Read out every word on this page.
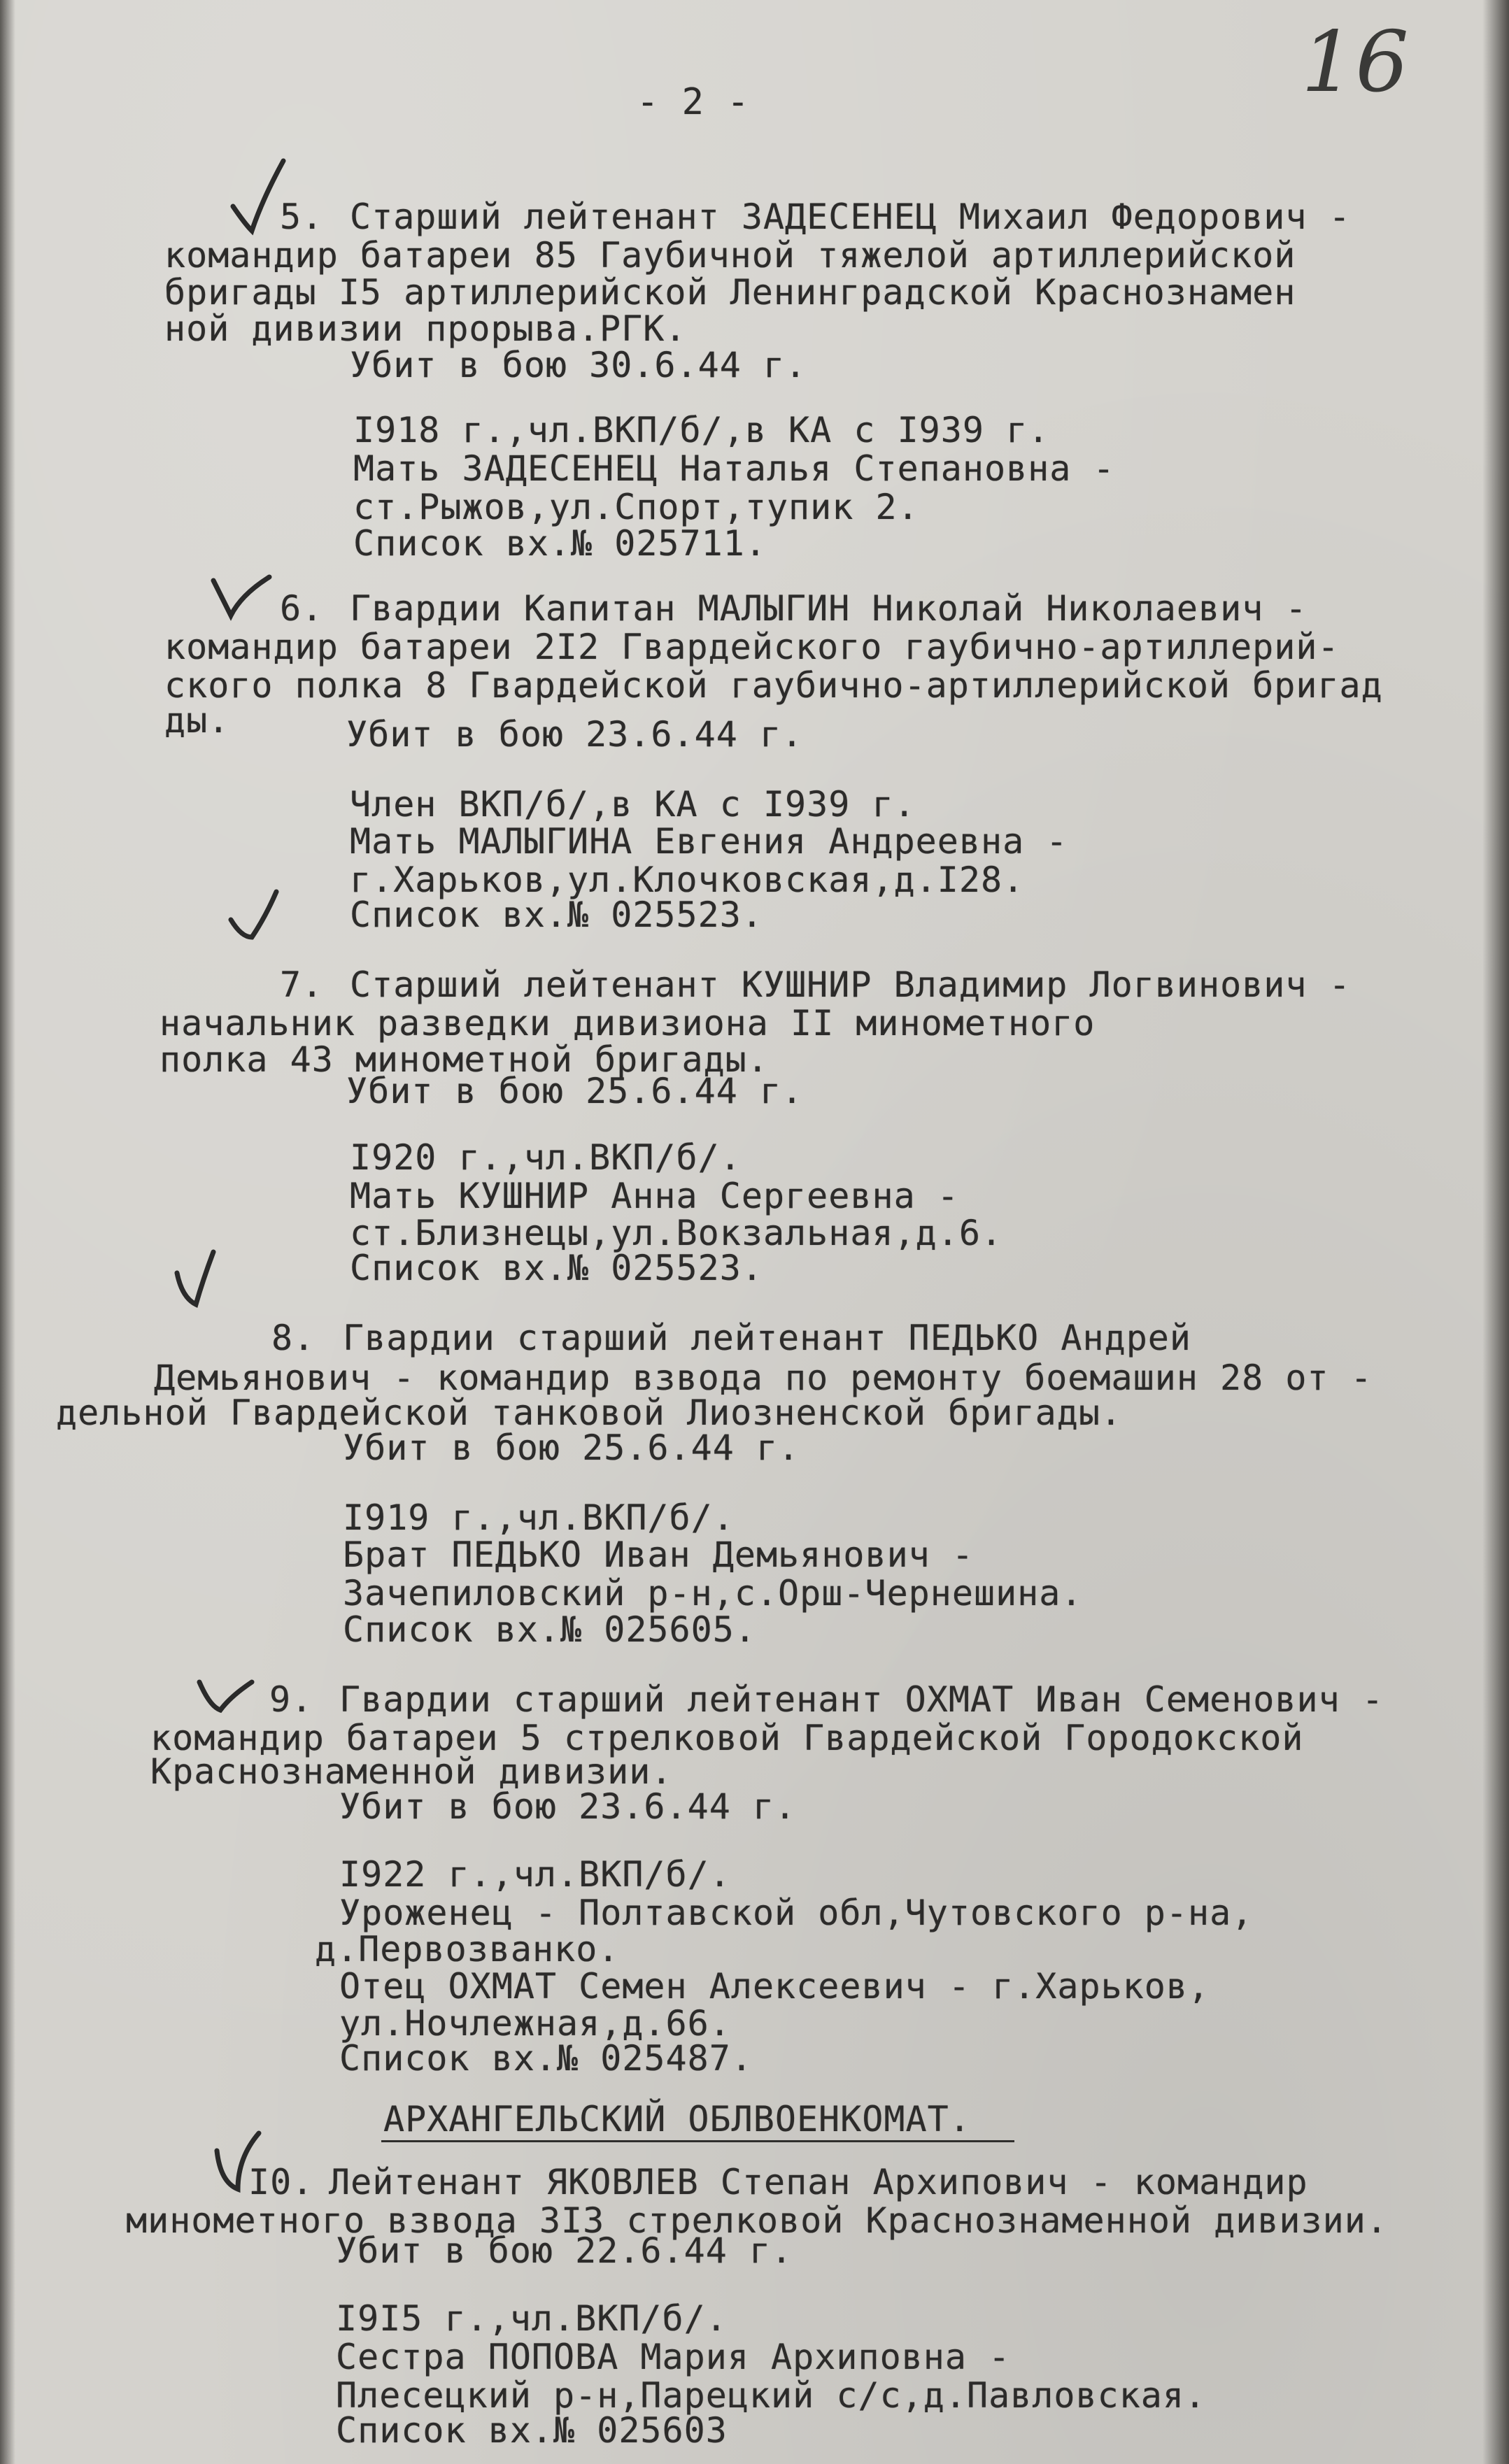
16
- 2 -
5. Старший лейтенант ЗАДЕСЕНЕЦ Михаил Федорович -
командир батареи 85 Гаубичной тяжелой артиллерийской
бригады I5 артиллерийской Ленинградской Краснознамен
ной дивизии прорыва.РГК.
Убит в бою 30.6.44 г.
I918 г.,чл.ВКП/б/,в КА с I939 г.
Мать ЗАДЕСЕНЕЦ Наталья Степановна -
ст.Рыжов,ул.Спорт,тупик 2.
Список вх.№ 025711.
6. Гвардии Капитан МАЛЫГИН Николай Николаевич -
командир батареи 2I2 Гвардейского гаубично-артиллерий-
ского полка 8 Гвардейской гаубично-артиллерийской бригад
ды.	Убит в бою 23.6.44 г.
Член ВКП/б/,в КА с I939 г.
Мать МАЛЫГИНА Евгения Андреевна -
г.Харьков,ул.Клочковская,д.I28.
Список вх.№ 025523.
7. Старший лейтенант КУШНИР Владимир Логвинович -
начальник разведки дивизиона II минометного
полка 43 минометной бригады.
Убит в бою 25.6.44 г.
I920 г.,чл.ВКП/б/.
Мать КУШНИР Анна Сергеевна -
ст.Близнецы,ул.Вокзальная,д.6.
Список вх.№ 025523.
8. Гвардии старший лейтенант ПЕДЬКО Андрей
Демьянович - командир взвода по ремонту боемашин 28 от -
дельной Гвардейской танковой Лиозненской бригады.
Убит в бою 25.6.44 г.
I919 г.,чл.ВКП/б/.
Брат ПЕДЬКО Иван Демьянович -
Зачепиловский р-н,с.Орш-Чернешина.
Список вх.№ 025605.
9. Гвардии старший лейтенант ОХМАТ Иван Семенович -
командир батареи 5 стрелковой Гвардейской Городокской
Краснознаменной дивизии.
Убит в бою 23.6.44 г.
I922 г.,чл.ВКП/б/.
Уроженец - Полтавской обл,Чутовского р-на,
д.Первозванко.
Отец ОХМАТ Семен Алексеевич - г.Харьков,
ул.Ночлежная,д.66.
Список вх.№ 025487.
АРХАНГЕЛЬСКИЙ ОБЛВОЕНКОМАТ.
I0. Лейтенант ЯКОВЛЕВ Степан Архипович - командир
минометного взвода 3I3 стрелковой Краснознаменной дивизии.
Убит в бою 22.6.44 г.
I9I5 г.,чл.ВКП/б/.
Сестра ПОПОВА Мария Архиповна -
Плесецкий р-н,Парецкий с/с,д.Павловская.
Список вх.№ 025603
